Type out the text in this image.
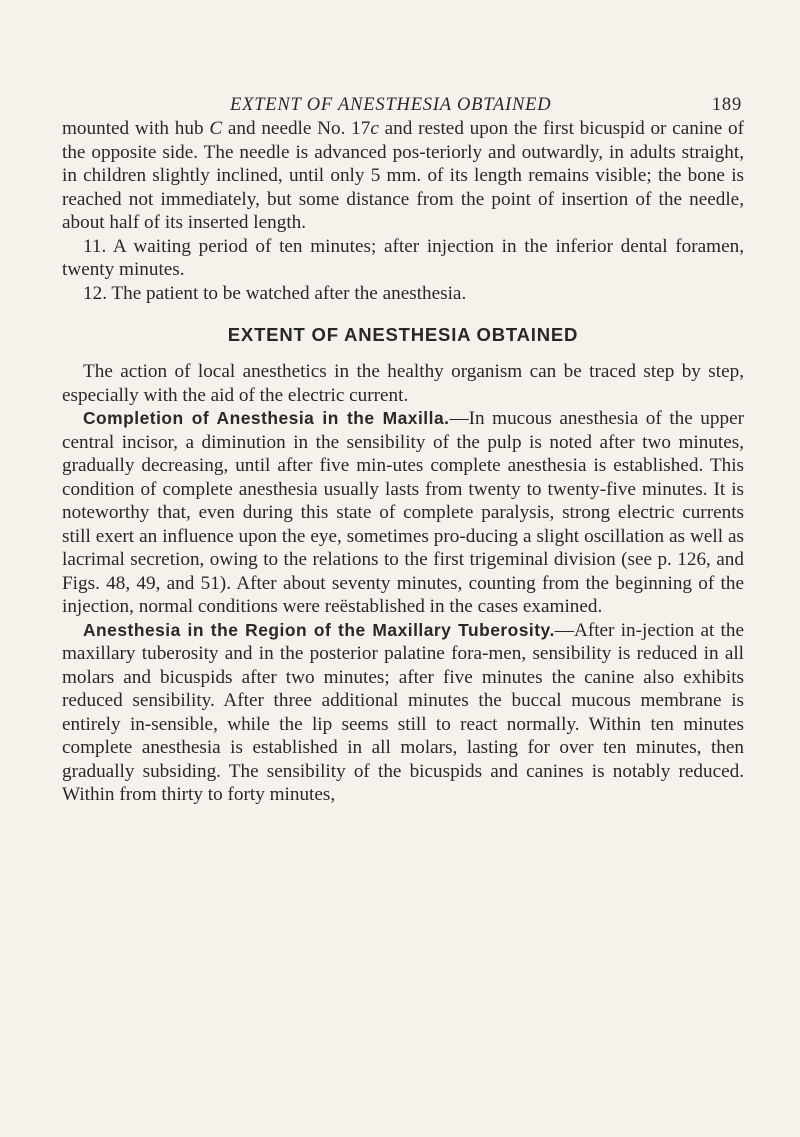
EXTENT OF ANESTHESIA OBTAINED	189

mounted with hub C and needle No. 17c and rested upon the first bicuspid or canine of the opposite side. The needle is advanced pos-teriorly and outwardly, in adults straight, in children slightly inclined, until only 5 mm. of its length remains visible; the bone is reached not immediately, but some distance from the point of insertion of the needle, about half of its inserted length.

11. A waiting period of ten minutes; after injection in the inferior dental foramen, twenty minutes.

12. The patient to be watched after the anesthesia.

EXTENT OF ANESTHESIA OBTAINED

The action of local anesthetics in the healthy organism can be traced step by step, especially with the aid of the electric current.

Completion of Anesthesia in the Maxilla.—In mucous anesthesia of the upper central incisor, a diminution in the sensibility of the pulp is noted after two minutes, gradually decreasing, until after five min-utes complete anesthesia is established. This condition of complete anesthesia usually lasts from twenty to twenty-five minutes. It is noteworthy that, even during this state of complete paralysis, strong electric currents still exert an influence upon the eye, sometimes pro-ducing a slight oscillation as well as lacrimal secretion, owing to the relations to the first trigeminal division (see p. 126, and Figs. 48, 49, and 51). After about seventy minutes, counting from the beginning of the injection, normal conditions were reëstablished in the cases examined.

Anesthesia in the Region of the Maxillary Tuberosity.—After in-jection at the maxillary tuberosity and in the posterior palatine fora-men, sensibility is reduced in all molars and bicuspids after two minutes; after five minutes the canine also exhibits reduced sensibility. After three additional minutes the buccal mucous membrane is entirely in-sensible, while the lip seems still to react normally. Within ten minutes complete anesthesia is established in all molars, lasting for over ten minutes, then gradually subsiding. The sensibility of the bicuspids and canines is notably reduced. Within from thirty to forty minutes,
